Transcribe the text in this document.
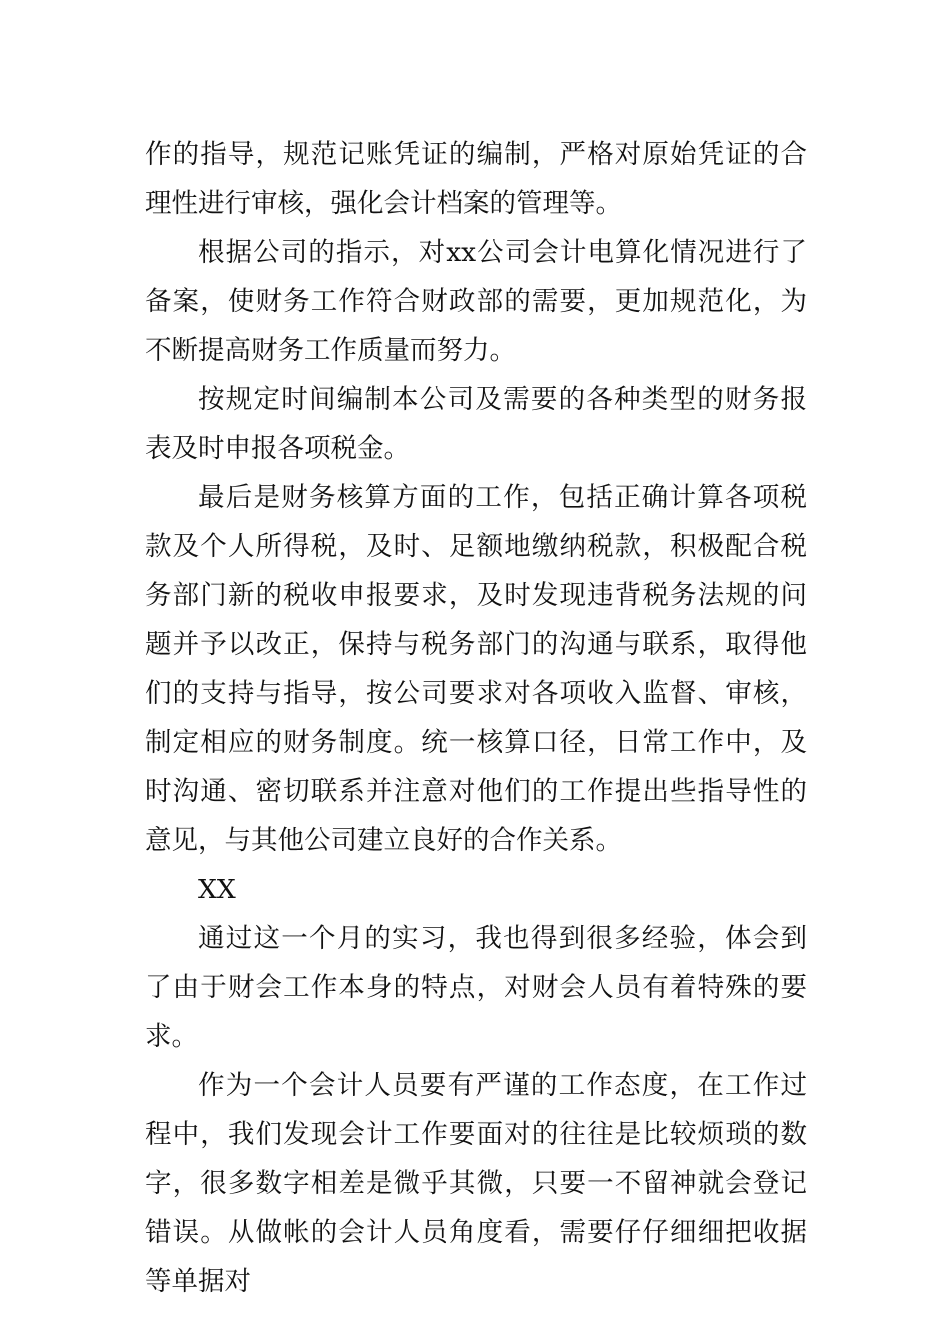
作的指导，规范记账凭证的编制，严格对原始凭证的合理性进行审核，强化会计档案的管理等。

根据公司的指示，对xx公司会计电算化情况进行了备案，使财务工作符合财政部的需要，更加规范化，为不断提高财务工作质量而努力。

按规定时间编制本公司及需要的各种类型的财务报表及时申报各项税金。

最后是财务核算方面的工作，包括正确计算各项税款及个人所得税，及时、足额地缴纳税款，积极配合税务部门新的税收申报要求，及时发现违背税务法规的问题并予以改正，保持与税务部门的沟通与联系，取得他们的支持与指导，按公司要求对各项收入监督、审核，制定相应的财务制度。统一核算口径，日常工作中，及时沟通、密切联系并注意对他们的工作提出些指导性的意见，与其他公司建立良好的合作关系。

XX

通过这一个月的实习，我也得到很多经验，体会到了由于财会工作本身的特点，对财会人员有着特殊的要求。

作为一个会计人员要有严谨的工作态度，在工作过程中，我们发现会计工作要面对的往往是比较烦琐的数字，很多数字相差是微乎其微，只要一不留神就会登记错误。从做帐的会计人员角度看，需要仔仔细细把收据等单据对
